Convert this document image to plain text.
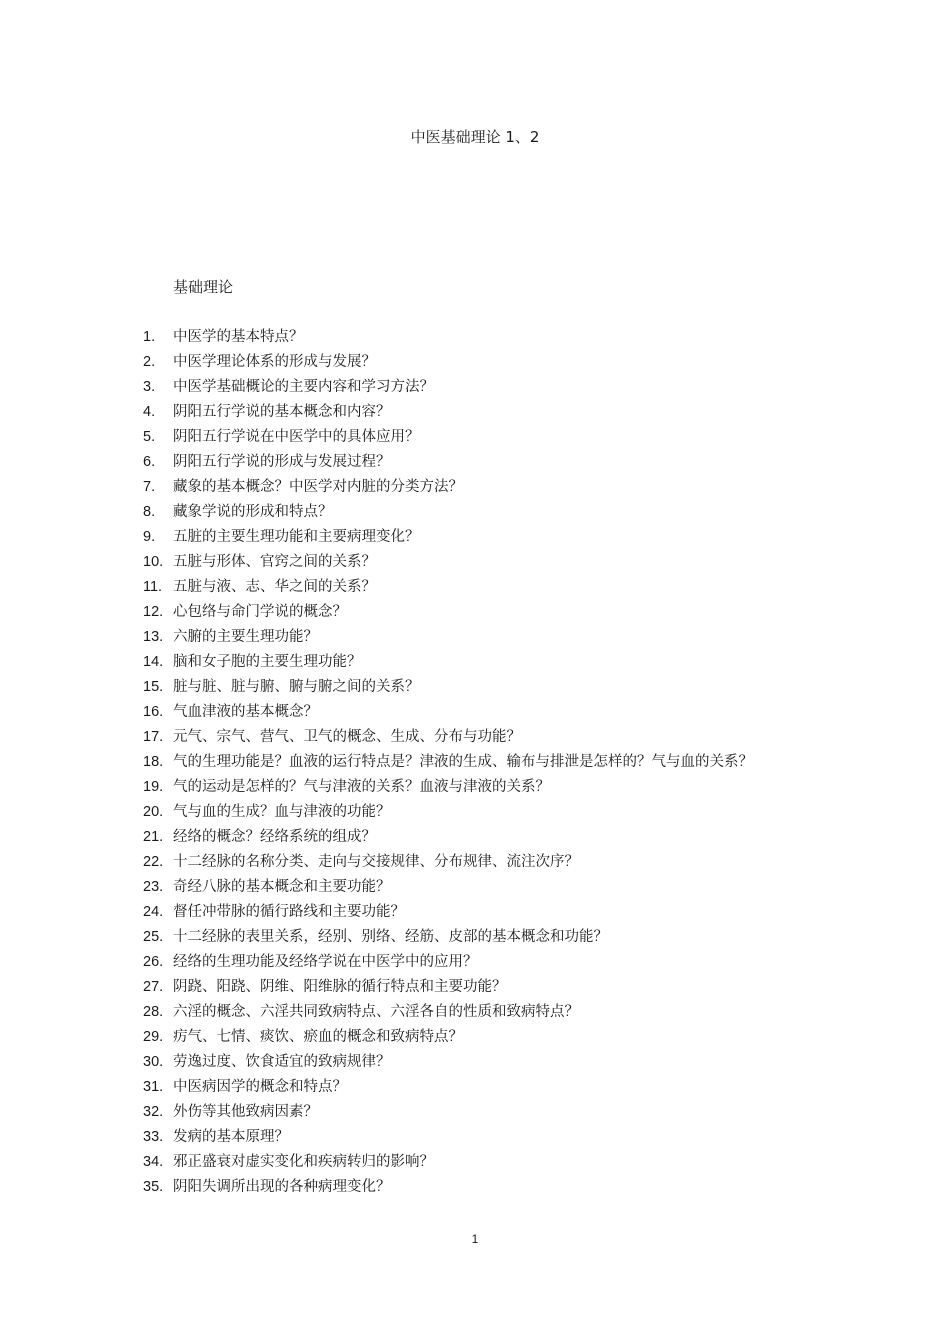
中医基础理论 1、2
基础理论
1. 中医学的基本特点？
2. 中医学理论体系的形成与发展？
3. 中医学基础概论的主要内容和学习方法？
4. 阴阳五行学说的基本概念和内容？
5. 阴阳五行学说在中医学中的具体应用？
6. 阴阳五行学说的形成与发展过程？
7. 藏象的基本概念？中医学对内脏的分类方法？
8. 藏象学说的形成和特点？
9. 五脏的主要生理功能和主要病理变化？
10. 五脏与形体、官窍之间的关系？
11. 五脏与液、志、华之间的关系？
12. 心包络与命门学说的概念？
13. 六腑的主要生理功能？
14. 脑和女子胞的主要生理功能？
15. 脏与脏、脏与腑、腑与腑之间的关系？
16. 气血津液的基本概念？
17. 元气、宗气、营气、卫气的概念、生成、分布与功能？
18. 气的生理功能是？血液的运行特点是？津液的生成、输布与排泄是怎样的？气与血的关系？
19. 气的运动是怎样的？气与津液的关系？血液与津液的关系？
20. 气与血的生成？血与津液的功能？
21. 经络的概念？经络系统的组成？
22. 十二经脉的名称分类、走向与交接规律、分布规律、流注次序？
23. 奇经八脉的基本概念和主要功能？
24. 督任冲带脉的循行路线和主要功能？
25. 十二经脉的表里关系，经别、别络、经筋、皮部的基本概念和功能？
26. 经络的生理功能及经络学说在中医学中的应用？
27. 阴跷、阳跷、阴维、阳维脉的循行特点和主要功能？
28. 六淫的概念、六淫共同致病特点、六淫各自的性质和致病特点？
29. 疠气、七情、痰饮、瘀血的概念和致病特点？
30. 劳逸过度、饮食适宜的致病规律？
31. 中医病因学的概念和特点？
32. 外伤等其他致病因素？
33. 发病的基本原理？
34. 邪正盛衰对虚实变化和疾病转归的影响？
35. 阴阳失调所出现的各种病理变化？
1
